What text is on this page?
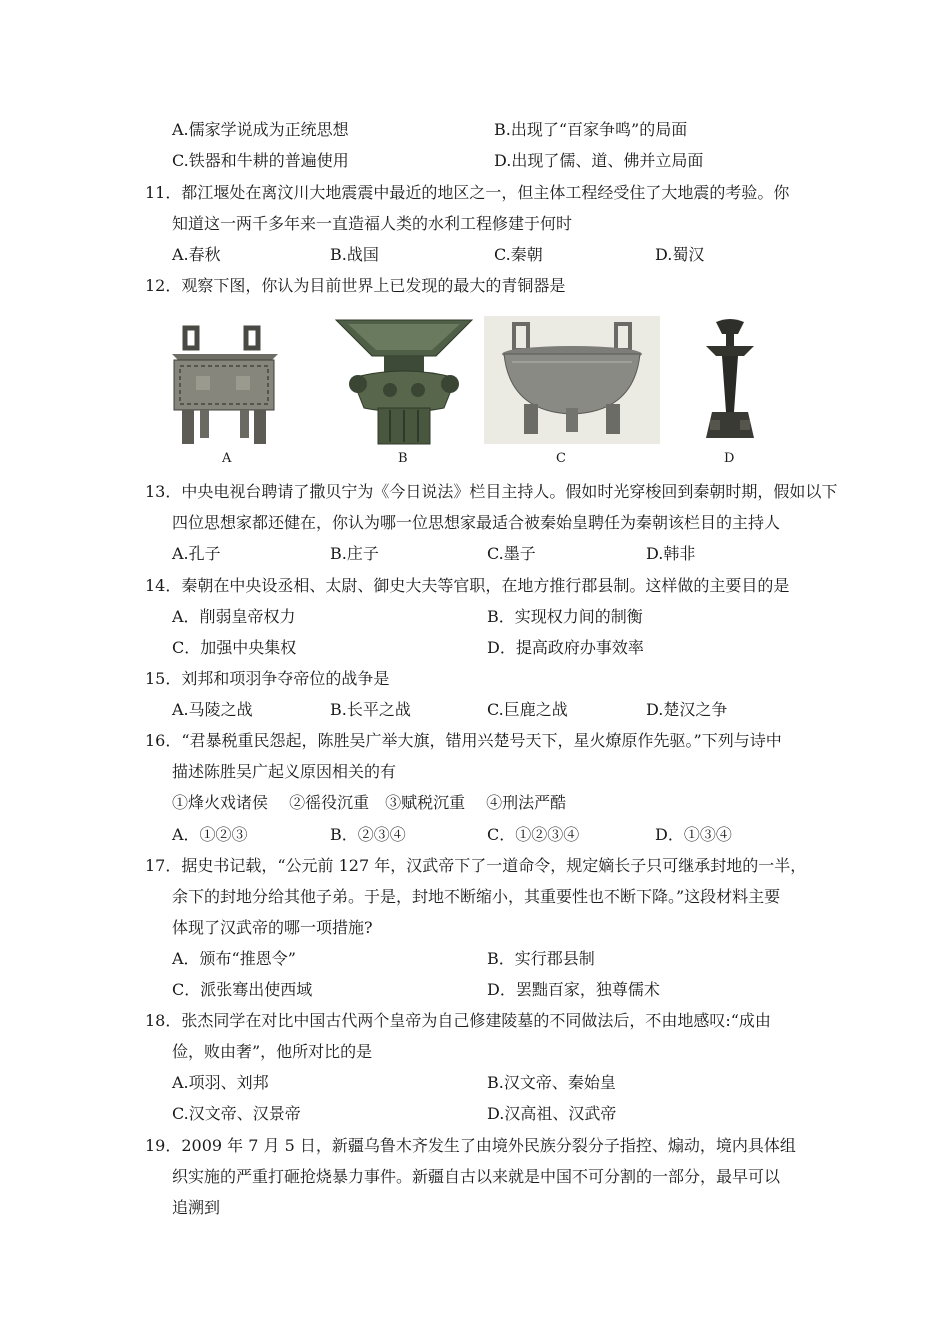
A.儒家学说成为正统思想	B.出现了“百家争鸣”的局面
C.铁器和牛耕的普遍使用	D.出现了儒、道、佛并立局面
11．都江堰处在离汶川大地震震中最近的地区之一，但主体工程经受住了大地震的考验。你
知道这一两千多年来一直造福人类的水利工程修建于何时
A.春秋	B.战国	C.秦朝	D.蜀汉
12．观察下图，你认为目前世界上已发现的最大的青铜器是
A	B	C	D
13．中央电视台聘请了撒贝宁为《今日说法》栏目主持人。假如时光穿梭回到秦朝时期，假如以下
四位思想家都还健在，你认为哪一位思想家最适合被秦始皇聘任为秦朝该栏目的主持人
A.孔子	B.庄子	C.墨子	D.韩非
14．秦朝在中央设丞相、太尉、御史大夫等官职，在地方推行郡县制。这样做的主要目的是
A．削弱皇帝权力	B．实现权力间的制衡
C．加强中央集权	D．提高政府办事效率
15．刘邦和项羽争夺帝位的战争是
A.马陵之战	B.长平之战	C.巨鹿之战	D.楚汉之争
16．“君暴税重民怨起，陈胜吴广举大旗，错用兴楚号天下，星火燎原作先驱。”下列与诗中
描述陈胜吴广起义原因相关的有
①烽火戏诸侯　 ②徭役沉重　③赋税沉重　 ④刑法严酷
A．①②③	B．②③④	C．①②③④	D．①③④
17．据史书记载，“公元前 127 年，汉武帝下了一道命令，规定嫡长子只可继承封地的一半，
余下的封地分给其他子弟。于是，封地不断缩小，其重要性也不断下降。”这段材料主要
体现了汉武帝的哪一项措施?
A．颁布“推恩令”	B．实行郡县制
C．派张骞出使西域	D．罢黜百家，独尊儒术
18．张杰同学在对比中国古代两个皇帝为自己修建陵墓的不同做法后，不由地感叹:“成由
俭，败由奢”，他所对比的是
A.项羽、刘邦	B.汉文帝、秦始皇
C.汉文帝、汉景帝	D.汉高祖、汉武帝
19．2009 年 7 月 5 日，新疆乌鲁木齐发生了由境外民族分裂分子指控、煽动，境内具体组
织实施的严重打砸抢烧暴力事件。新疆自古以来就是中国不可分割的一部分，最早可以
追溯到
